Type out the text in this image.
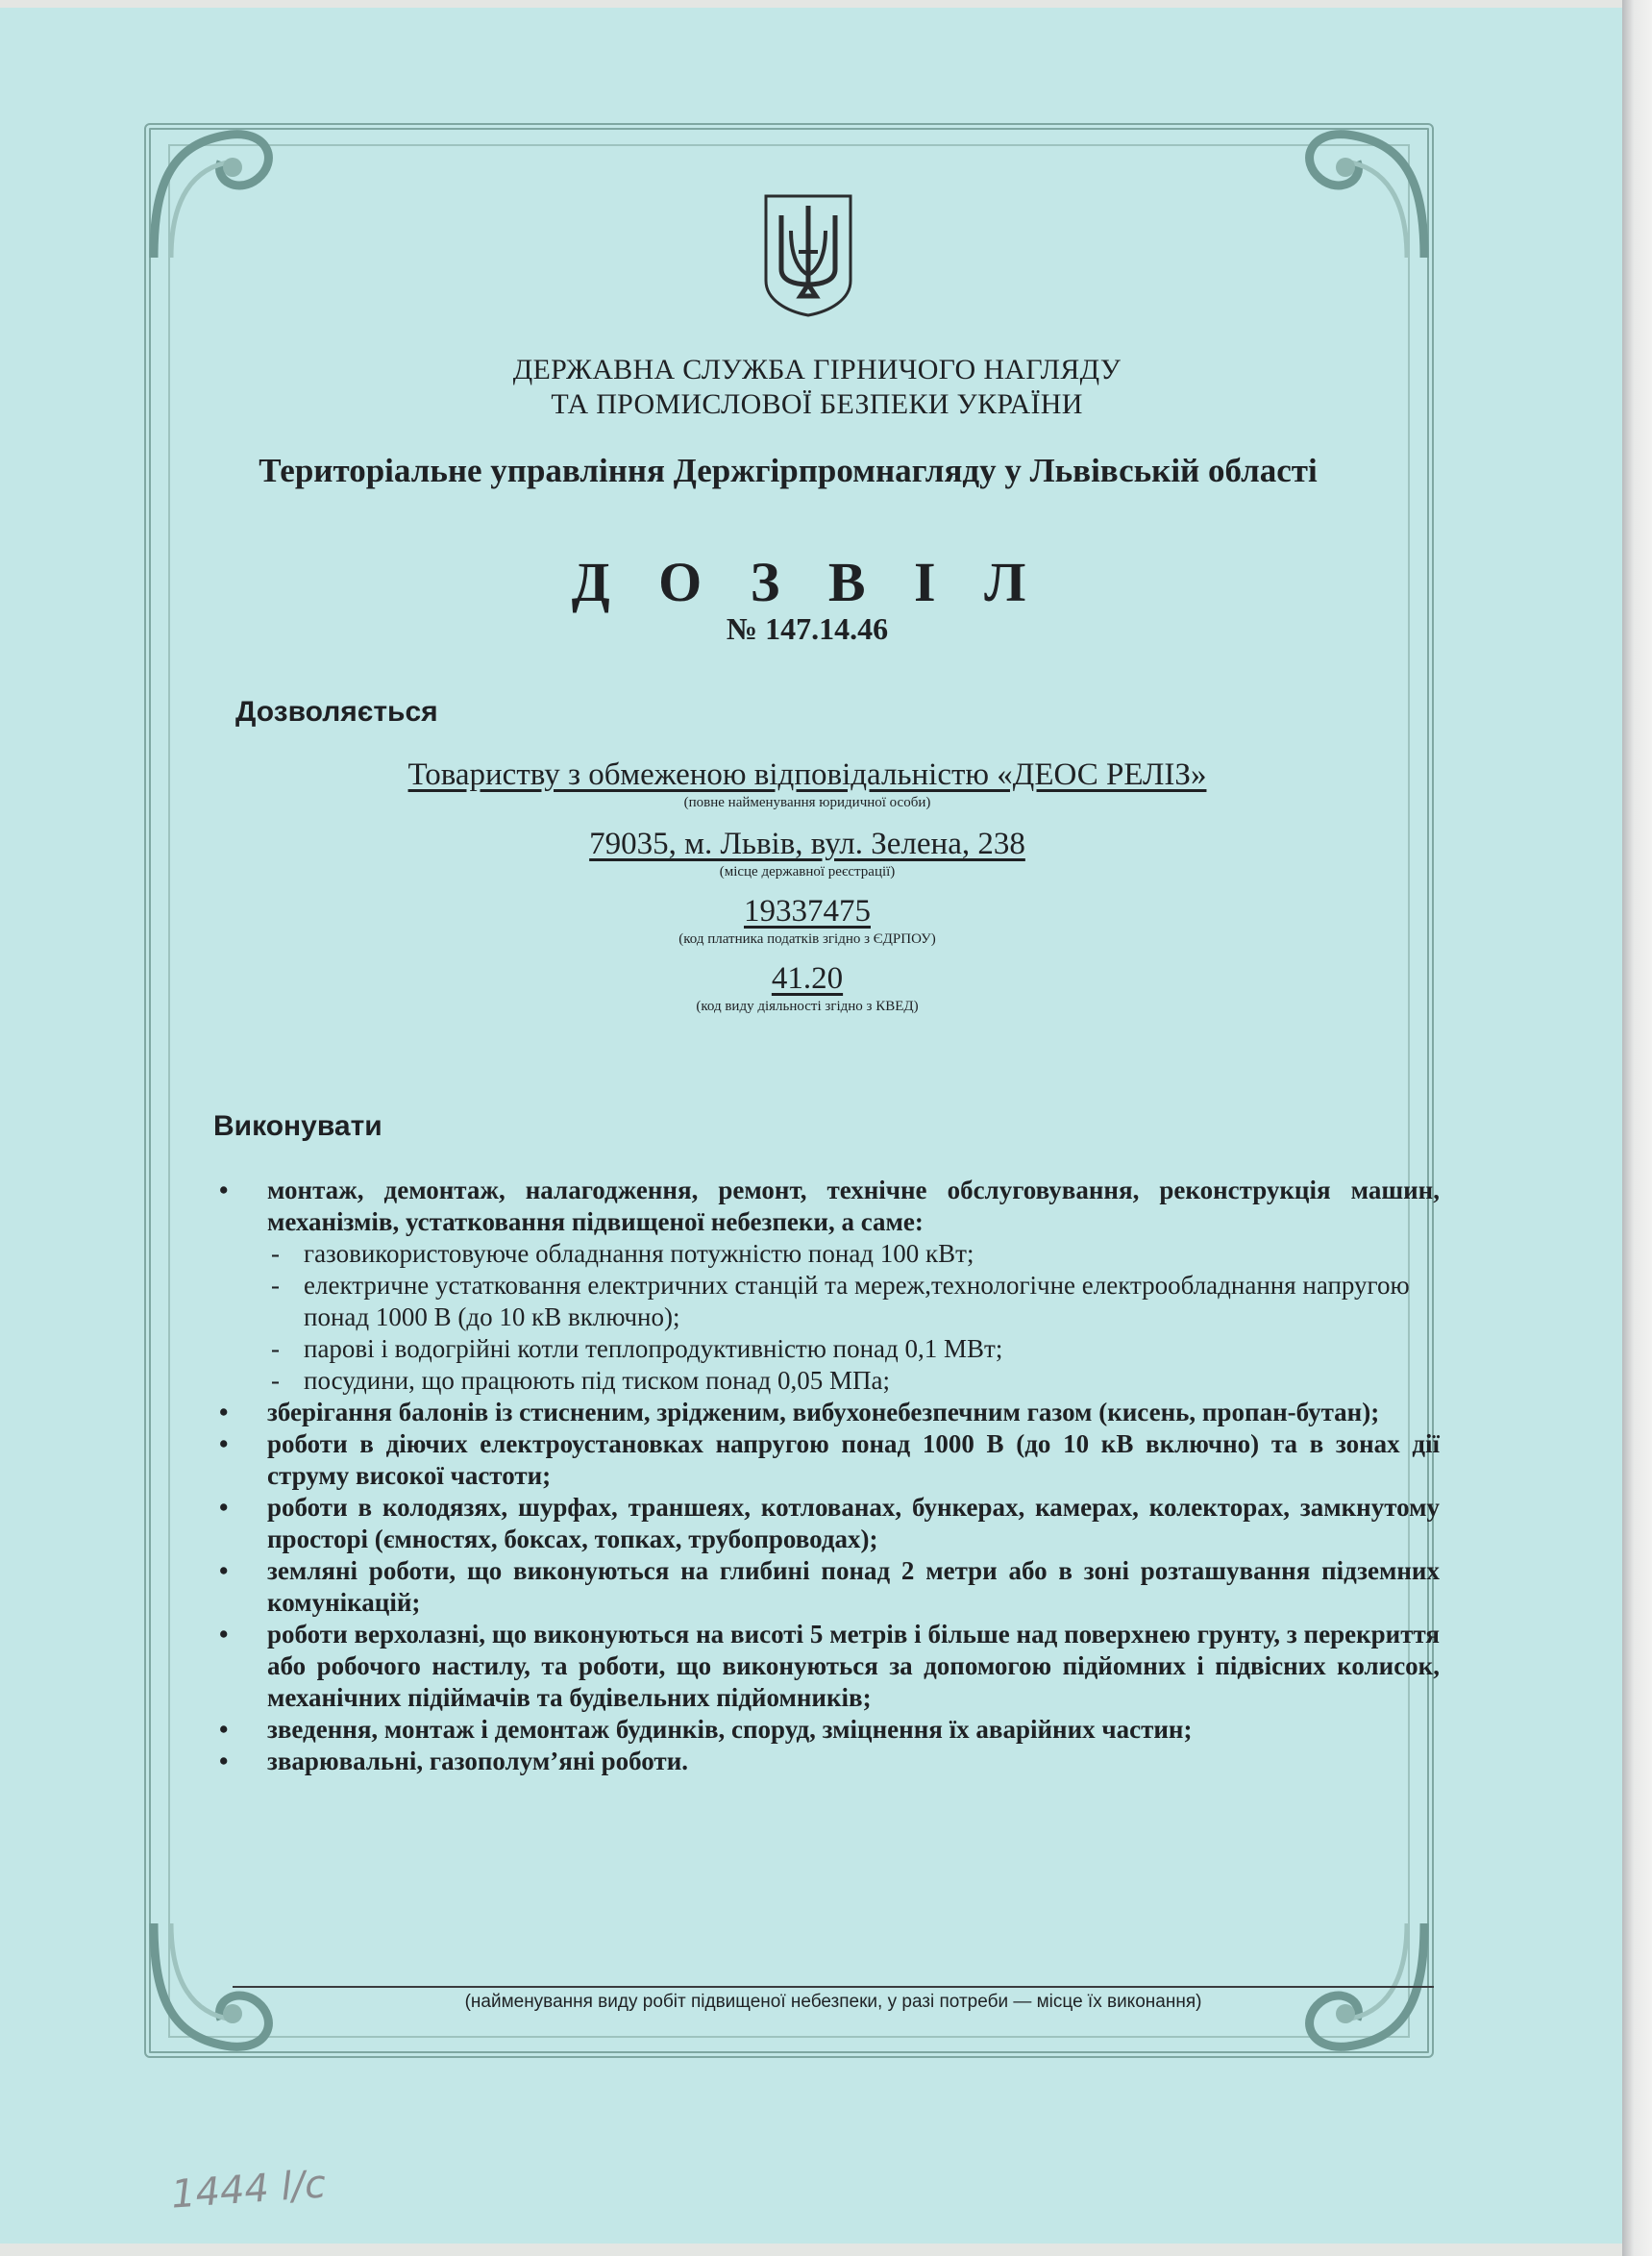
ДЕРЖАВНА СЛУЖБА ГІРНИЧОГО НАГЛЯДУ
ТА ПРОМИСЛОВОЇ БЕЗПЕКИ УКРАЇНИ
Територіальне управління Держгірпромнагляду у Львівській області
Д О З В І Л
№ 147.14.46
Дозволяється
Товариству з обмеженою відповідальністю «ДЕОС РЕЛІЗ»
(повне найменування юридичної особи)
79035, м. Львів, вул. Зелена, 238
(місце державної реєстрації)
19337475
(код платника податків згідно з ЄДРПОУ)
41.20
(код виду діяльності згідно з КВЕД)
Виконувати
• монтаж, демонтаж, налагодження, ремонт, технічне обслуговування, реконструкція машин, механізмів, устатковання підвищеної небезпеки, а саме:
- газовикористовуюче обладнання потужністю понад 100 кВт;
- електричне устатковання електричних станцій та мереж,технологічне електрообладнання напругою понад 1000 В (до 10 кВ включно);
- парові і водогрійні котли теплопродуктивністю понад 0,1 МВт;
- посудини, що працюють під тиском понад 0,05 МПа;
• зберігання балонів із стисненим, зрідженим, вибухонебезпечним газом (кисень, пропан-бутан);
• роботи в діючих електроустановках напругою понад 1000 В (до 10 кВ включно) та в зонах дії струму високої частоти;
• роботи в колодязях, шурфах, траншеях, котлованах, бункерах, камерах, колекторах, замкнутому просторі (ємностях, боксах, топках, трубопроводах);
• земляні роботи, що виконуються на глибині понад 2 метри або в зоні розташування підземних комунікацій;
• роботи верхолазні, що виконуються на висоті 5 метрів і більше над поверхнею грунту, з перекриття або робочого настилу, та роботи, що виконуються за допомогою підйомних і підвісних колисок, механічних підіймачів та будівельних підйомників;
• зведення, монтаж і демонтаж будинків, споруд, зміцнення їх аварійних частин;
• зварювальні, газополум’яні роботи.
(найменування виду робіт підвищеної небезпеки, у разі потреби — місце їх виконання)
1444 l/c
